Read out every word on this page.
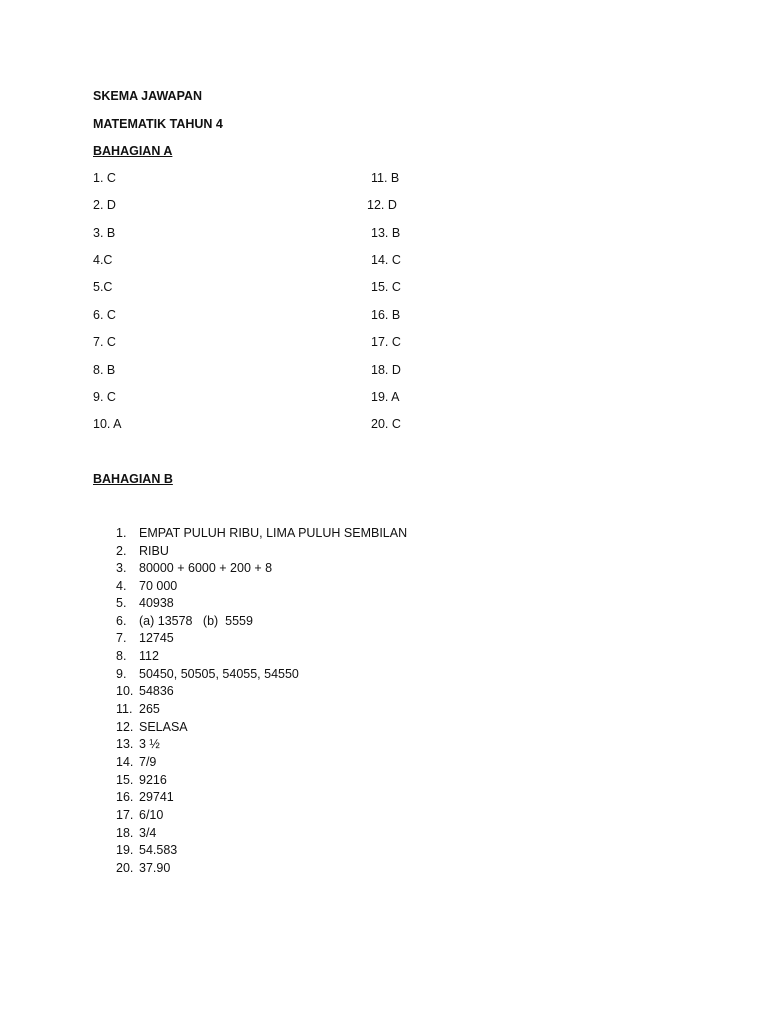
SKEMA JAWAPAN
MATEMATIK TAHUN 4
BAHAGIAN A
1. C
2. D
3. B
4.C
5.C
6. C
7. C
8. B
9. C
10. A
11. B
12. D
13. B
14. C
15. C
16. B
17. C
18. D
19. A
20. C
BAHAGIAN B
1. EMPAT PULUH RIBU, LIMA PULUH SEMBILAN
2. RIBU
3. 80000 + 6000 + 200 + 8
4. 70 000
5. 40938
6. (a) 13578   (b)  5559
7. 12745
8. 112
9. 50450, 50505, 54055, 54550
10. 54836
11. 265
12. SELASA
13. 3 ½
14. 7/9
15. 9216
16. 29741
17. 6/10
18. 3/4
19. 54.583
20. 37.90
